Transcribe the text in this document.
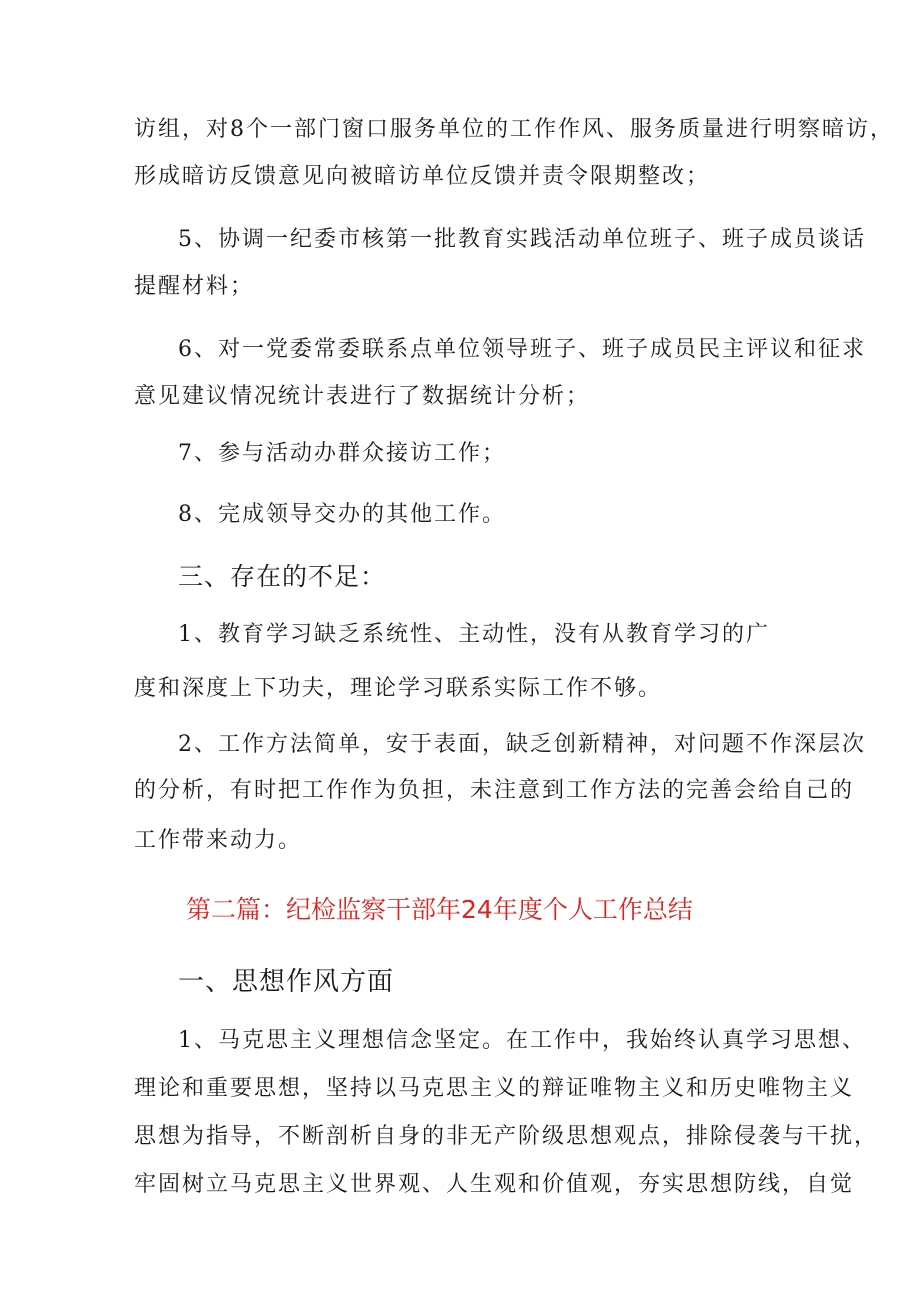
访组，对8个一部门窗口服务单位的工作作风、服务质量进行明察暗访，
形成暗访反馈意见向被暗访单位反馈并责令限期整改；
5、协调一纪委市核第一批教育实践活动单位班子、班子成员谈话
提醒材料；
6、对一党委常委联系点单位领导班子、班子成员民主评议和征求
意见建议情况统计表进行了数据统计分析；
7、参与活动办群众接访工作；
8、完成领导交办的其他工作。
三、存在的不足：
1、教育学习缺乏系统性、主动性，没有从教育学习的广
度和深度上下功夫，理论学习联系实际工作不够。
2、工作方法简单，安于表面，缺乏创新精神，对问题不作深层次
的分析，有时把工作作为负担，未注意到工作方法的完善会给自己的
工作带来动力。
第二篇：纪检监察干部年24年度个人工作总结
一、思想作风方面
1、马克思主义理想信念坚定。在工作中，我始终认真学习思想、
理论和重要思想，坚持以马克思主义的辩证唯物主义和历史唯物主义
思想为指导，不断剖析自身的非无产阶级思想观点，排除侵袭与干扰，
牢固树立马克思主义世界观、人生观和价值观，夯实思想防线，自觉
